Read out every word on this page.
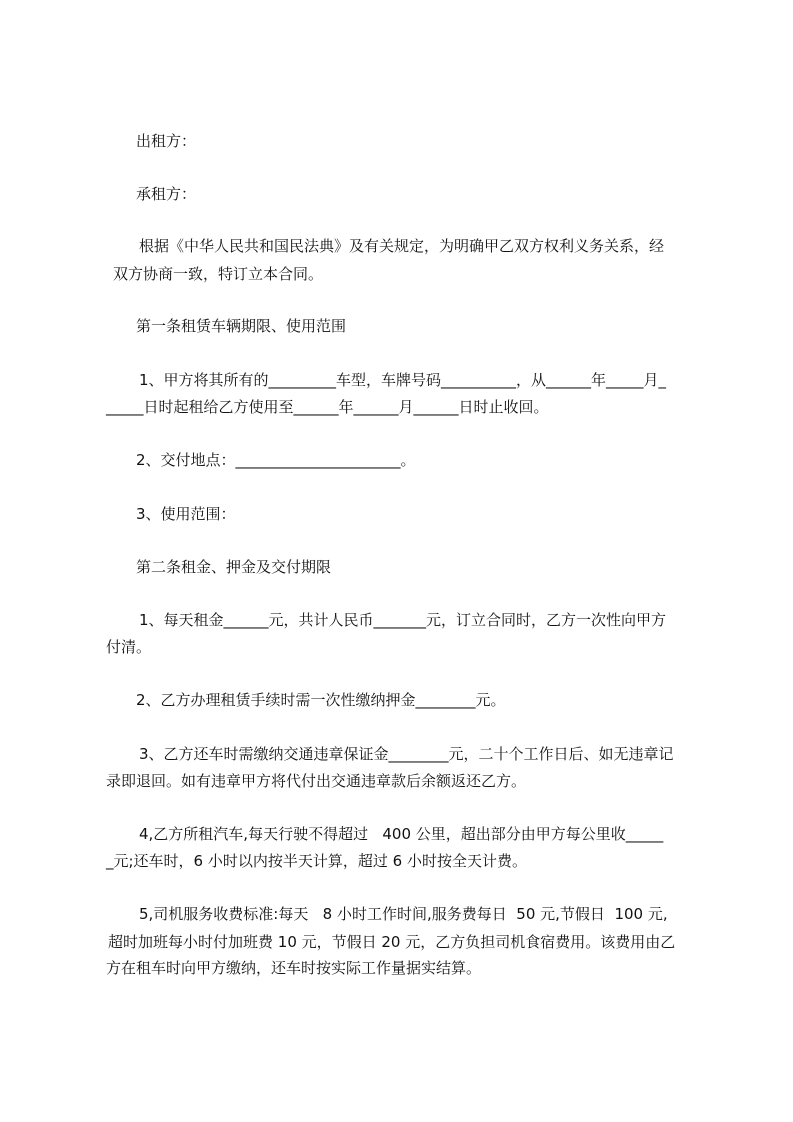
出租方：
承租方：
根据《中华人民共和国民法典》及有关规定，为明确甲乙双方权利义务关系，经
双方协商一致，特订立本合同。
第一条租赁车辆期限、使用范围
1、甲方将其所有的_________车型，车牌号码__________，从______年_____月_
_____日时起租给乙方使用至______年______月______日时止收回。
2、交付地点：______________________。
3、使用范围：
第二条租金、押金及交付期限
1、每天租金______元，共计人民币_______元，订立合同时，乙方一次性向甲方
付清。
2、乙方办理租赁手续时需一次性缴纳押金________元。
3、乙方还车时需缴纳交通违章保证金________元，二十个工作日后、如无违章记
录即退回。如有违章甲方将代付出交通违章款后余额返还乙方。
4,乙方所租汽车,每天行驶不得超过   400 公里，超出部分由甲方每公里收_____
_元;还车时，6 小时以内按半天计算，超过 6 小时按全天计费。
5,司机服务收费标准:每天   8 小时工作时间,服务费每日  50 元,节假日  100 元,
超时加班每小时付加班费 10 元，节假日 20 元，乙方负担司机食宿费用。该费用由乙
方在租车时向甲方缴纳，还车时按实际工作量据实结算。
